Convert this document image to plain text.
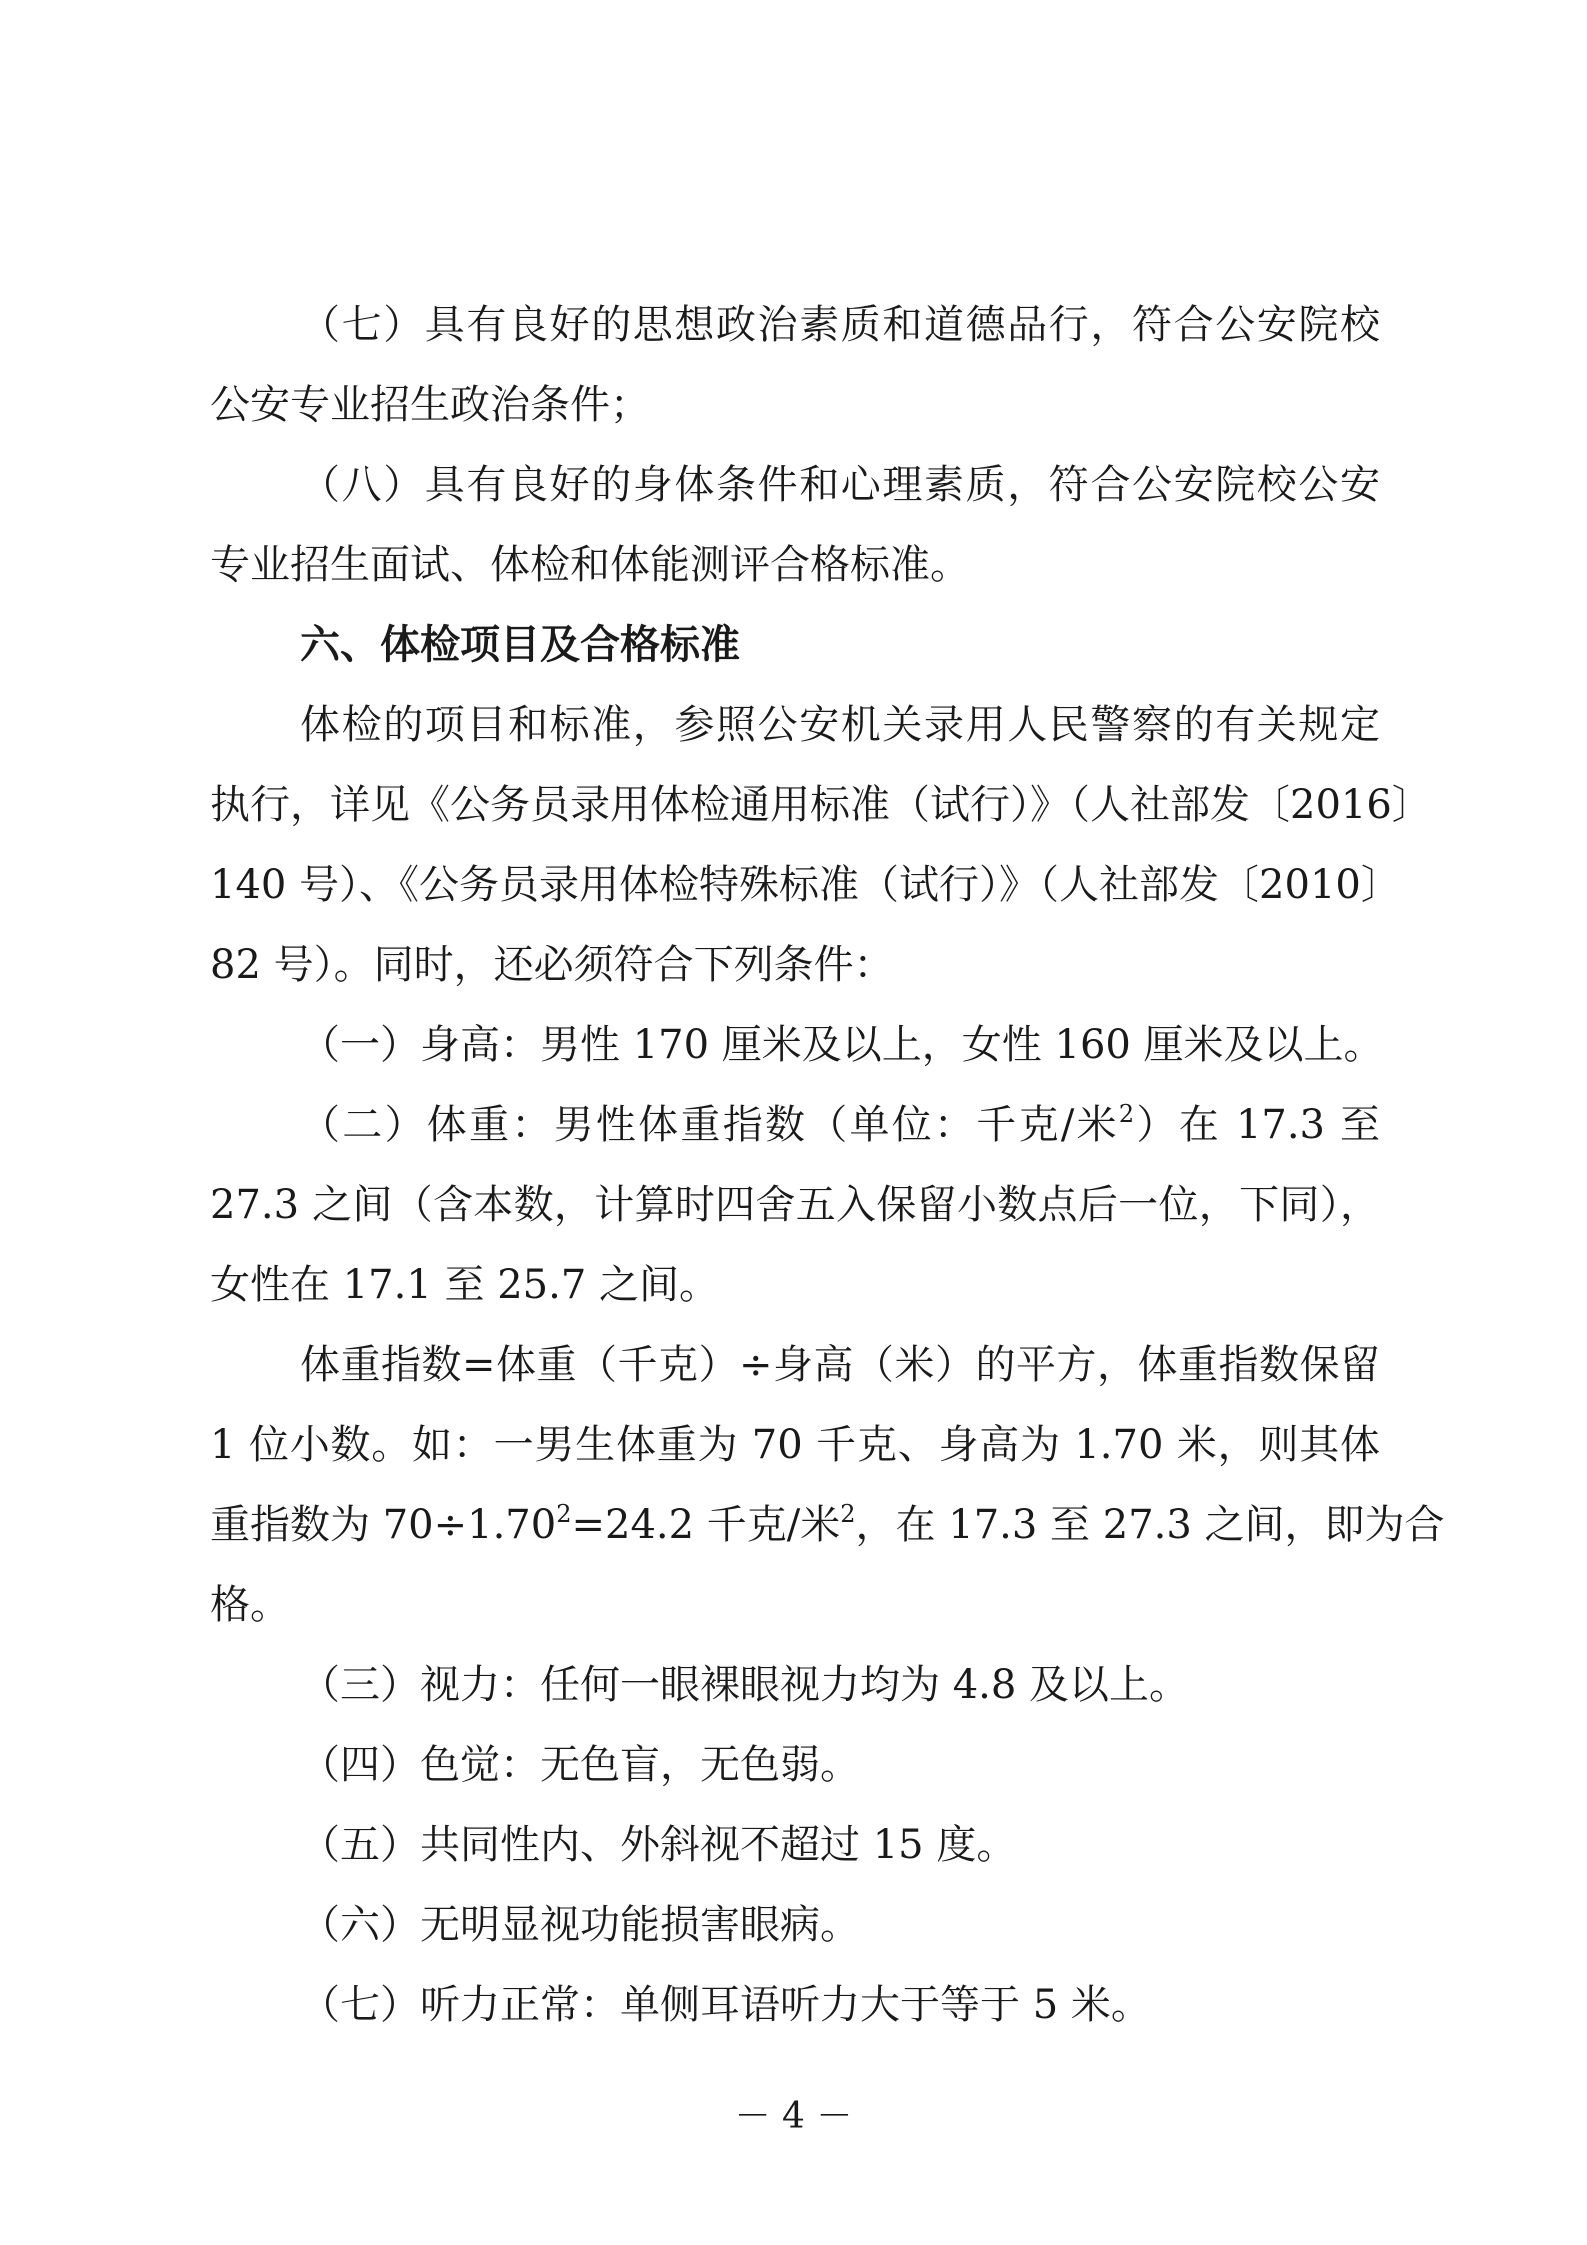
（七）具有良好的思想政治素质和道德品行，符合公安院校
公安专业招生政治条件；
（八）具有良好的身体条件和心理素质，符合公安院校公安
专业招生面试、体检和体能测评合格标准。
六、体检项目及合格标准
体检的项目和标准，参照公安机关录用人民警察的有关规定
执行，详见《公务员录用体检通用标准（试行）》（人社部发〔2016〕
140 号）、《公务员录用体检特殊标准（试行）》（人社部发〔2010〕
82 号）。同时，还必须符合下列条件：
（一）身高：男性 170 厘米及以上，女性 160 厘米及以上。
（二）体重：男性体重指数（单位：千克/米$^2$）在 17.3 至
27.3 之间（含本数，计算时四舍五入保留小数点后一位，下同），
女性在 17.1 至 25.7 之间。
体重指数=体重（千克）÷身高（米）的平方，体重指数保留
1 位小数。如：一男生体重为 70 千克、身高为 1.70 米，则其体
重指数为 $70\div 1.70^2=24.2$ 千克/米$^2$，在 17.3 至 27.3 之间，即为合
格。
（三）视力：任何一眼裸眼视力均为 4.8 及以上。
（四）色觉：无色盲，无色弱。
（五）共同性内、外斜视不超过 15 度。
（六）无明显视功能损害眼病。
（七）听力正常：单侧耳语听力大于等于 5 米。
－ 4 －
